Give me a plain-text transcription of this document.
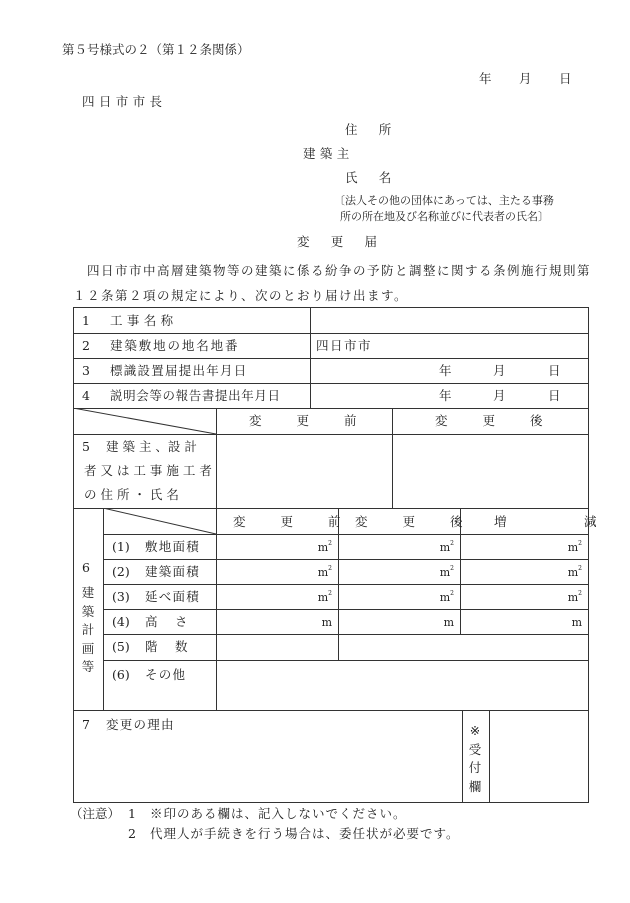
第５号様式の２（第１２条関係）
年 月 日
四日市市長
住　所
建築主
氏　名
〔法人その他の団体にあっては、主たる事務
所の所在地及び名称並びに代表者の氏名〕
変　更　届
四日市市中高層建築物等の建築に係る紛争の予防と調整に関する条例施行規則第
１２条第２項の規定により、次のとおり届け出ます。
1 工事名称
2 建築敷地の地名地番	四日市市
3 標識設置届提出年月日	年	月	日
4 説明会等の報告書提出年月日	年	月	日
変　更　前	変　更　後
5 建 築 主 、設 計
者 又 は 工 事 施 工 者
の 住 所 ・ 氏 名
変　更　前 変　更　後 増　　減
6
建
築
計
画
等
(1) 敷地面積	$m^2$	$m^2$	$m^2$
(2) 建築面積	$m^2$	$m^2$	$m^2$
(3) 延べ面積	$m^2$	$m^2$	$m^2$
(4) 高　さ	m	m	m
(5) 階　数
(6) その他
7 変更の理由	※
受
付
欄
（注意） 1 ※印のある欄は、記入しないでください。
2 代理人が手続きを行う場合は、委任状が必要です。
